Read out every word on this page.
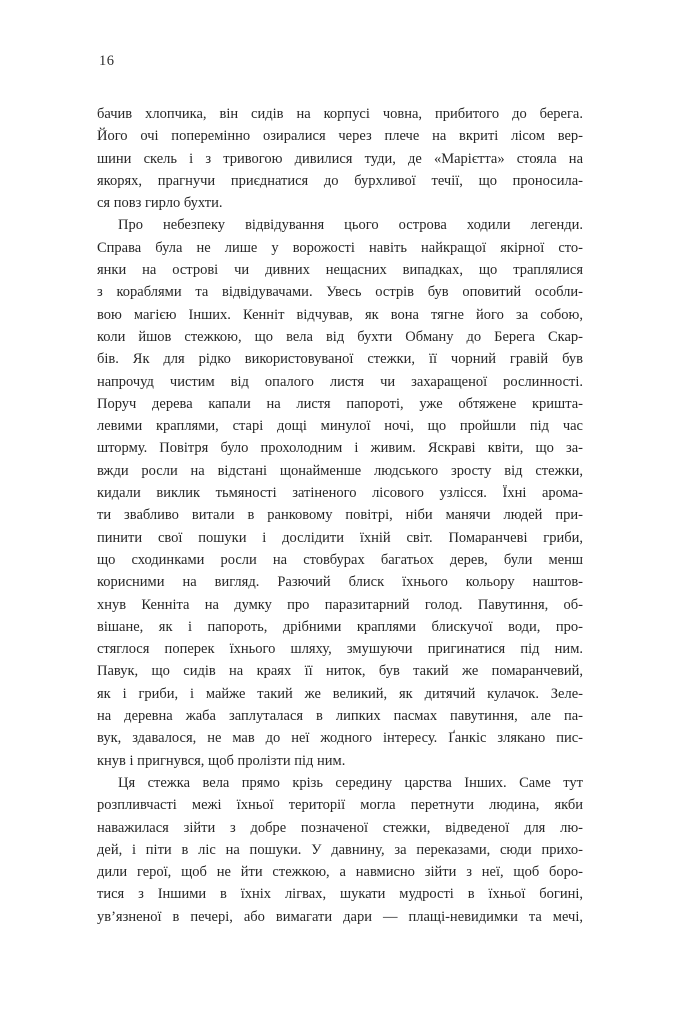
16
бачив хлопчика, він сидів на корпусі човна, прибитого до берега.
Його очі поперемінно озиралися через плече на вкриті лісом вер-
шини скель і з тривогою дивилися туди, де «Марієтта» стояла на
якорях, прагнучи приєднатися до бурхливої течії, що проносила-
ся повз гирло бухти.
Про небезпеку відвідування цього острова ходили легенди.
Справа була не лише у ворожості навіть найкращої якірної сто-
янки на острові чи дивних нещасних випадках, що траплялися
з кораблями та відвідувачами. Увесь острів був оповитий особли-
вою магією Інших. Кенніт відчував, як вона тягне його за собою,
коли йшов стежкою, що вела від бухти Обману до Берега Скар-
бів. Як для рідко використовуваної стежки, її чорний гравій був
напрочуд чистим від опалого листя чи захаращеної рослинності.
Поруч дерева капали на листя папороті, уже обтяжене кришта-
левими краплями, старі дощі минулої ночі, що пройшли під час
шторму. Повітря було прохолодним і живим. Яскраві квіти, що за-
вжди росли на відстані щонайменше людського зросту від стежки,
кидали виклик тьмяності затіненого лісового узлісся. Їхні арома-
ти звабливо витали в ранковому повітрі, ніби манячи людей при-
пинити свої пошуки і дослідити їхній світ. Помаранчеві гриби,
що сходинками росли на стовбурах багатьох дерев, були менш
корисними на вигляд. Разючий блиск їхнього кольору наштов-
хнув Кенніта на думку про паразитарний голод. Павутиння, об-
вішане, як і папороть, дрібними краплями блискучої води, про-
стяглося поперек їхнього шляху, змушуючи пригинатися під ним.
Павук, що сидів на краях її ниток, був такий же помаранчевий,
як і гриби, і майже такий же великий, як дитячий кулачок. Зеле-
на деревна жаба заплуталася в липких пасмах павутиння, але па-
вук, здавалося, не мав до неї жодного інтересу. Ґанкіс злякано пис-
кнув і пригнувся, щоб пролізти під ним.
Ця стежка вела прямо крізь середину царства Інших. Саме тут
розпливчасті межі їхньої території могла перетнути людина, якби
наважилася зійти з добре позначеної стежки, відведеної для лю-
дей, і піти в ліс на пошуки. У давнину, за переказами, сюди прихо-
дили герої, щоб не йти стежкою, а навмисно зійти з неї, щоб боро-
тися з Іншими в їхніх лігвах, шукати мудрості в їхньої богині,
ув’язненої в печері, або вимагати дари — плащі-невидимки та мечі,
